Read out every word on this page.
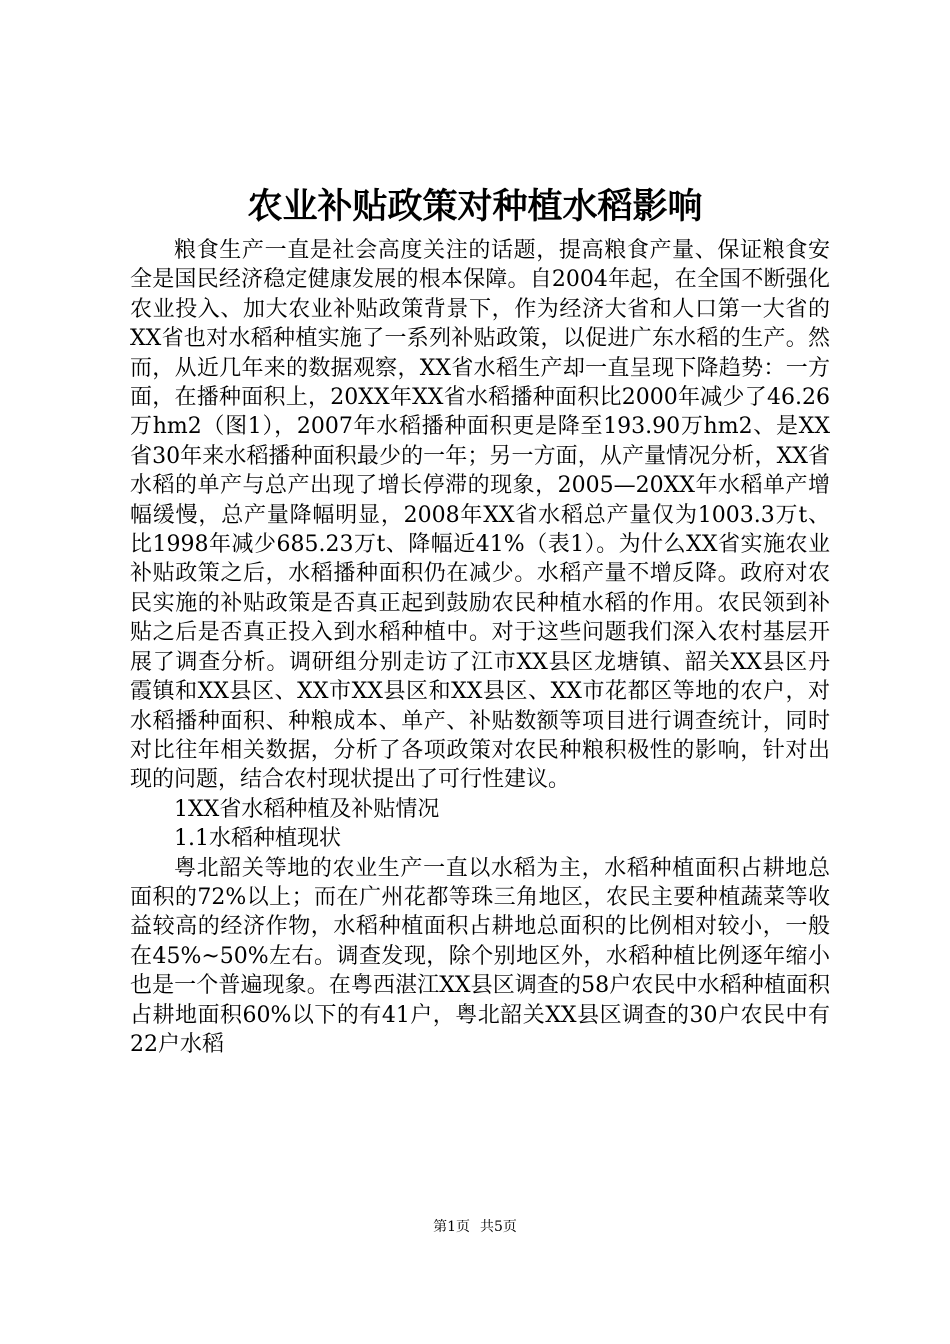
农业补贴政策对种植水稻影响

粮食生产一直是社会高度关注的话题，提高粮食产量、保证粮食安全是国民经济稳定健康发展的根本保障。自2004年起，在全国不断强化农业投入、加大农业补贴政策背景下，作为经济大省和人口第一大省的XX省也对水稻种植实施了一系列补贴政策，以促进广东水稻的生产。然而，从近几年来的数据观察，XX省水稻生产却一直呈现下降趋势：一方面，在播种面积上，20XX年XX省水稻播种面积比2000年减少了46.26万hm2（图1），2007年水稻播种面积更是降至193.90万hm2、是XX省30年来水稻播种面积最少的一年；另一方面，从产量情况分析，XX省水稻的单产与总产出现了增长停滞的现象，2005—20XX年水稻单产增幅缓慢，总产量降幅明显，2008年XX省水稻总产量仅为1003.3万t、比1998年减少685.23万t、降幅近41%（表1）。为什么XX省实施农业补贴政策之后，水稻播种面积仍在减少。水稻产量不增反降。政府对农民实施的补贴政策是否真正起到鼓励农民种植水稻的作用。农民领到补贴之后是否真正投入到水稻种植中。对于这些问题我们深入农村基层开展了调查分析。调研组分别走访了江市XX县区龙塘镇、韶关XX县区丹霞镇和XX县区、XX市XX县区和XX县区、XX市花都区等地的农户，对水稻播种面积、种粮成本、单产、补贴数额等项目进行调查统计，同时对比往年相关数据，分析了各项政策对农民种粮积极性的影响，针对出现的问题，结合农村现状提出了可行性建议。

1XX省水稻种植及补贴情况

1.1水稻种植现状

粤北韶关等地的农业生产一直以水稻为主，水稻种植面积占耕地总面积的72%以上；而在广州花都等珠三角地区，农民主要种植蔬菜等收益较高的经济作物，水稻种植面积占耕地总面积的比例相对较小，一般在45%~50%左右。调查发现，除个别地区外，水稻种植比例逐年缩小也是一个普遍现象。在粤西湛江XX县区调查的58户农民中水稻种植面积占耕地面积60%以下的有41户，粤北韶关XX县区调查的30户农民中有22户水稻

第1页 共5页
